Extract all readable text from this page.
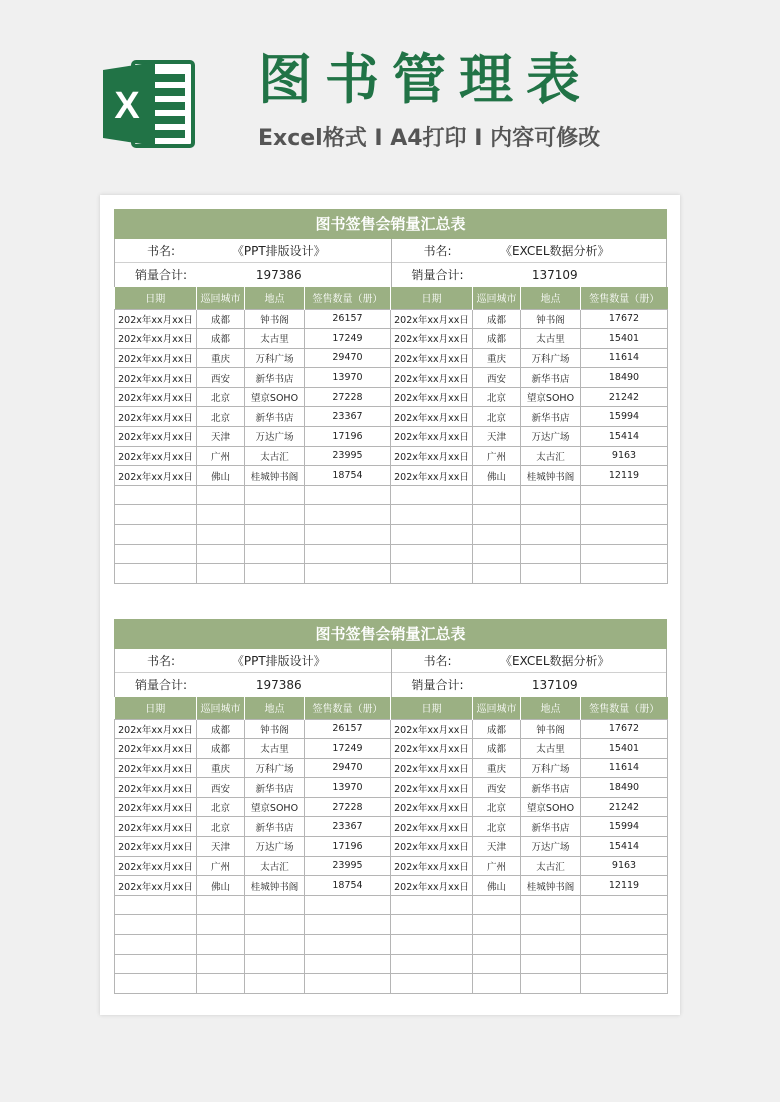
X 图书管理表
Excel格式 I A4打印 I 内容可修改
图书签售会销量汇总表
书名:	《PPT排版设计》
销量合计:	197386
书名:	《EXCEL数据分析》
销量合计:	137109
日期	巡回城市	地点	签售数量（册）	日期	巡回城市	地点	签售数量（册）
202x年xx月xx日	成都	钟书阁	26157	202x年xx月xx日	成都	钟书阁	17672
202x年xx月xx日	成都	太古里	17249	202x年xx月xx日	成都	太古里	15401
202x年xx月xx日	重庆	万科广场	29470	202x年xx月xx日	重庆	万科广场	11614
202x年xx月xx日	西安	新华书店	13970	202x年xx月xx日	西安	新华书店	18490
202x年xx月xx日	北京	望京SOHO	27228	202x年xx月xx日	北京	望京SOHO	21242
202x年xx月xx日	北京	新华书店	23367	202x年xx月xx日	北京	新华书店	15994
202x年xx月xx日	天津	万达广场	17196	202x年xx月xx日	天津	万达广场	15414
202x年xx月xx日	广州	太古汇	23995	202x年xx月xx日	广州	太古汇	9163
202x年xx月xx日	佛山	桂城钟书阁	18754	202x年xx月xx日	佛山	桂城钟书阁	12119

图书签售会销量汇总表
书名:	《PPT排版设计》
销量合计:	197386
书名:	《EXCEL数据分析》
销量合计:	137109
日期	巡回城市	地点	签售数量（册）	日期	巡回城市	地点	签售数量（册）
202x年xx月xx日	成都	钟书阁	26157	202x年xx月xx日	成都	钟书阁	17672
202x年xx月xx日	成都	太古里	17249	202x年xx月xx日	成都	太古里	15401
202x年xx月xx日	重庆	万科广场	29470	202x年xx月xx日	重庆	万科广场	11614
202x年xx月xx日	西安	新华书店	13970	202x年xx月xx日	西安	新华书店	18490
202x年xx月xx日	北京	望京SOHO	27228	202x年xx月xx日	北京	望京SOHO	21242
202x年xx月xx日	北京	新华书店	23367	202x年xx月xx日	北京	新华书店	15994
202x年xx月xx日	天津	万达广场	17196	202x年xx月xx日	天津	万达广场	15414
202x年xx月xx日	广州	太古汇	23995	202x年xx月xx日	广州	太古汇	9163
202x年xx月xx日	佛山	桂城钟书阁	18754	202x年xx月xx日	佛山	桂城钟书阁	12119
